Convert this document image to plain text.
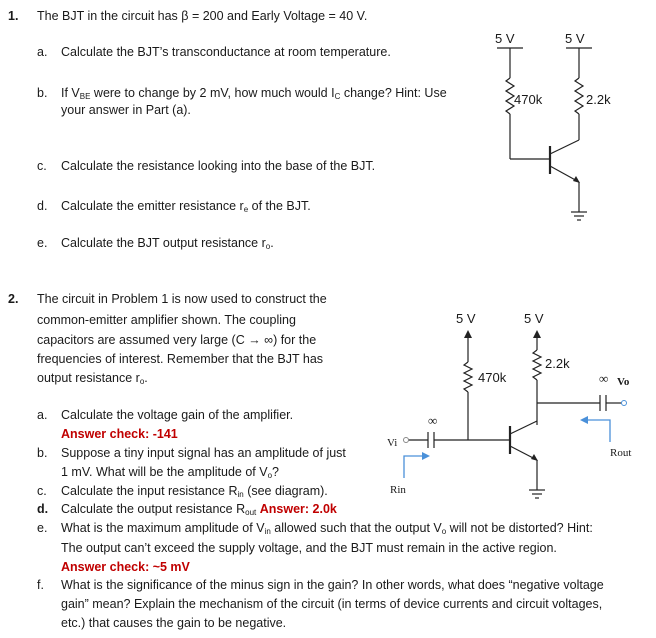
1. The BJT in the circuit has β = 200 and Early Voltage = 40 V.
a. Calculate the BJT’s transconductance at room temperature.
b. If $V_{BE}$ were to change by 2 mV, how much would $I_C$ change? Hint: Use
your answer in Part (a).
c. Calculate the resistance looking into the base of the BJT.
d. Calculate the emitter resistance $r_e$ of the BJT.
e. Calculate the BJT output resistance $r_o$.
5 V	5 V
470k	2.2k
2. The circuit in Problem 1 is now used to construct the
common-emitter amplifier shown. The coupling
capacitors are assumed very large (C → ∞) for the
frequencies of interest. Remember that the BJT has
output resistance $r_o$.
a. Calculate the voltage gain of the amplifier.
Answer check: -141
b. Suppose a tiny input signal has an amplitude of just
1 mV. What will be the amplitude of $V_o$?
c. Calculate the input resistance $R_{in}$ (see diagram).
d. Calculate the output resistance $R_{out}$ Answer: 2.0k
e. What is the maximum amplitude of $V_{in}$ allowed such that the output $V_o$ will not be distorted? Hint:
The output can’t exceed the supply voltage, and the BJT must remain in the active region.
Answer check: ~5 mV
f. What is the significance of the minus sign in the gain? In other words, what does “negative voltage
gain” mean? Explain the mechanism of the circuit (in terms of device currents and circuit voltages,
etc.) that causes the gain to be negative.
5 V	5 V
470k
2.2k
∞
∞
Vi
Vo
Rin
Rout
